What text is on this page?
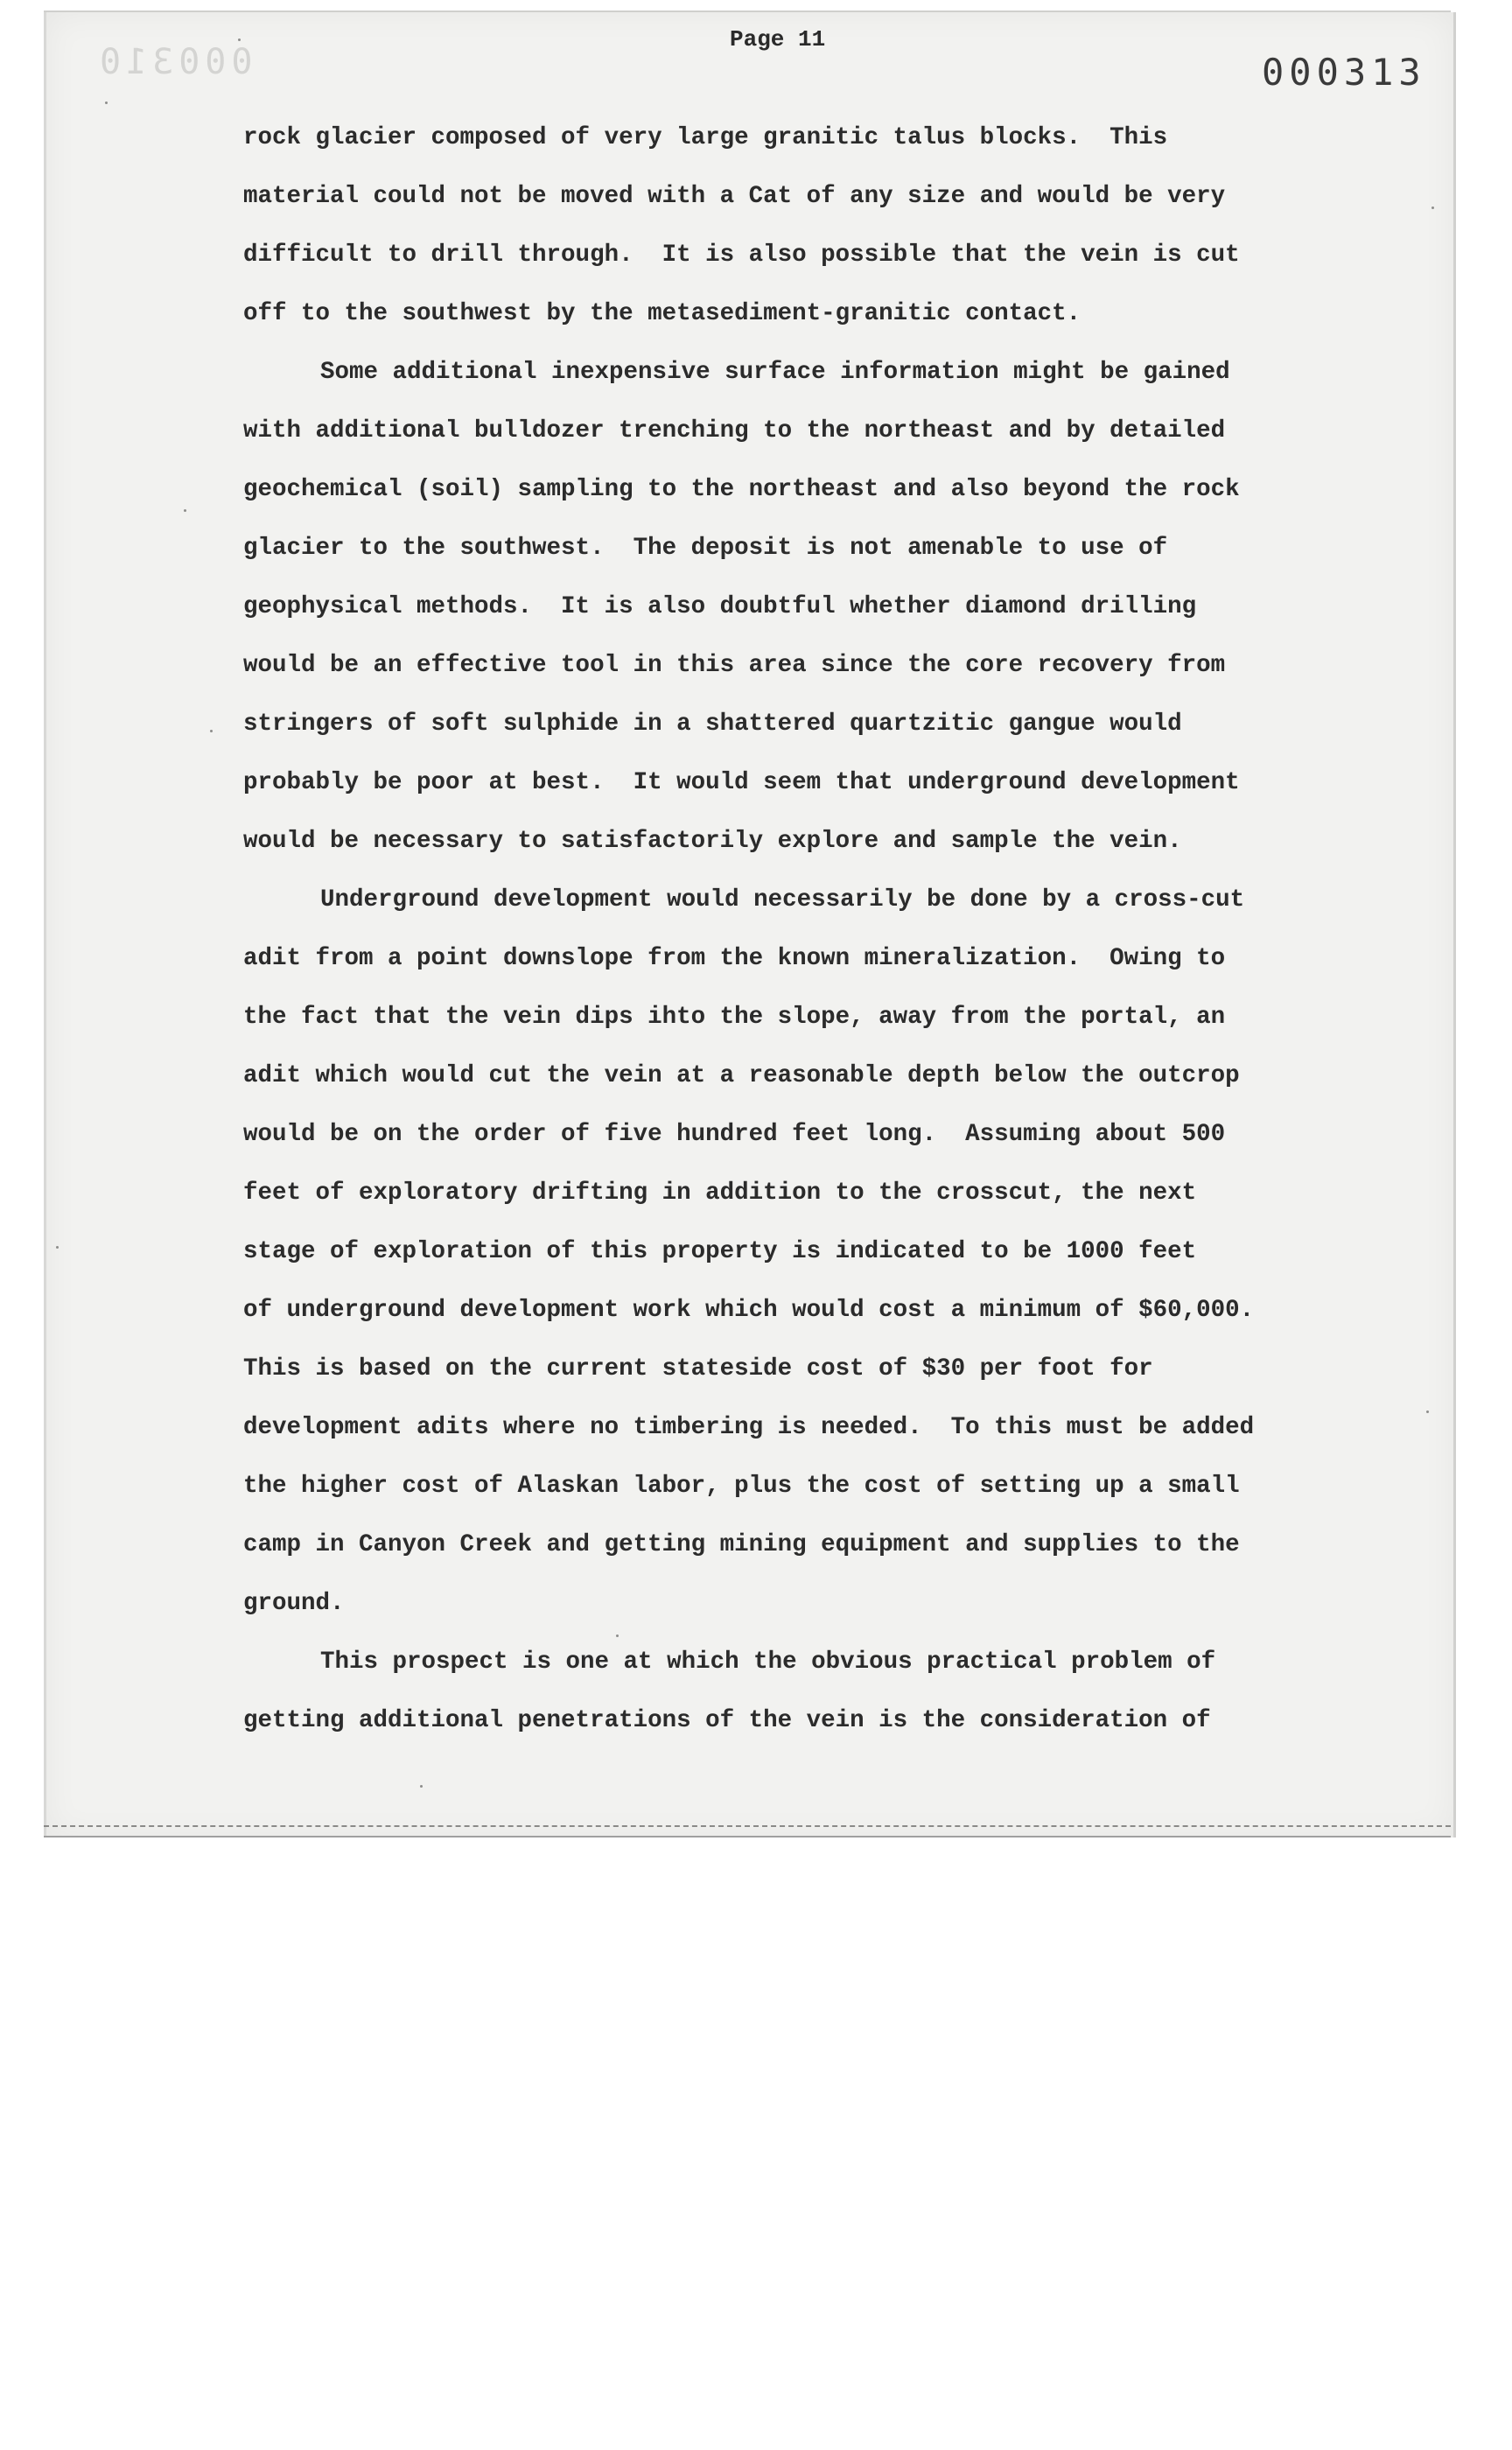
000310
Page 11
000313
rock glacier composed of very large granitic talus blocks.  This
material could not be moved with a Cat of any size and would be very
difficult to drill through.  It is also possible that the vein is cut
off to the southwest by the metasediment-granitic contact.
Some additional inexpensive surface information might be gained
with additional bulldozer trenching to the northeast and by detailed
geochemical (soil) sampling to the northeast and also beyond the rock
glacier to the southwest.  The deposit is not amenable to use of
geophysical methods.  It is also doubtful whether diamond drilling
would be an effective tool in this area since the core recovery from
stringers of soft sulphide in a shattered quartzitic gangue would
probably be poor at best.  It would seem that underground development
would be necessary to satisfactorily explore and sample the vein.
Underground development would necessarily be done by a cross-cut
adit from a point downslope from the known mineralization.  Owing to
the fact that the vein dips ihto the slope, away from the portal, an
adit which would cut the vein at a reasonable depth below the outcrop
would be on the order of five hundred feet long.  Assuming about 500
feet of exploratory drifting in addition to the crosscut, the next
stage of exploration of this property is indicated to be 1000 feet
of underground development work which would cost a minimum of $60,000.
This is based on the current stateside cost of $30 per foot for
development adits where no timbering is needed.  To this must be added
the higher cost of Alaskan labor, plus the cost of setting up a small
camp in Canyon Creek and getting mining equipment and supplies to the
ground.
This prospect is one at which the obvious practical problem of
getting additional penetrations of the vein is the consideration of
